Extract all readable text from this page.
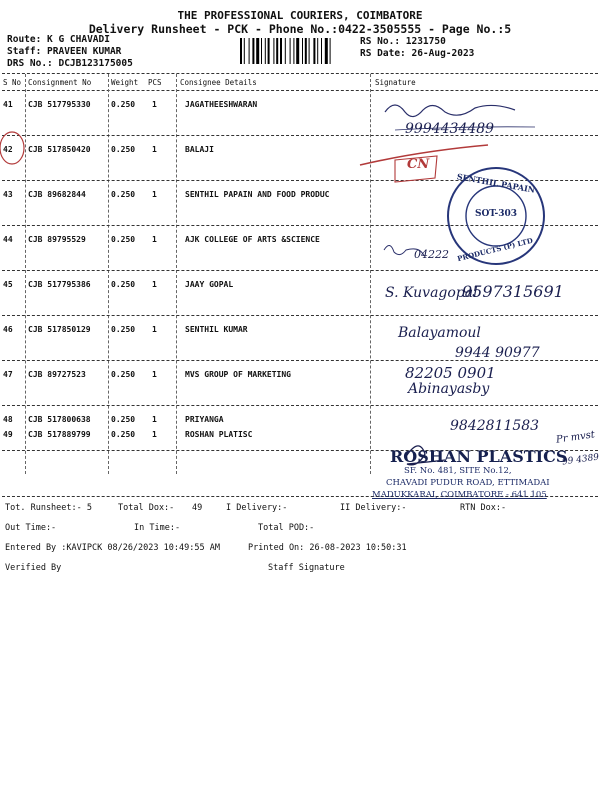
THE PROFESSIONAL COURIERS, COIMBATORE
Delivery Runsheet - PCK - Phone No.:0422-3505555 - Page No.:5
Route: K G CHAVADI
Staff: PRAVEEN KUMAR
DRS No.: DCJB123175005
RS No.: 1231750
RS Date: 26-Aug-2023
S No Consignment No	Weight PCS Consignee Details	Signature
41 CJB 517795330	0.250 1	JAGATHEESHWARAN
42 CJB 517850420	0.250 1	BALAJI
43 CJB 89682844	0.250 1	SENTHIL PAPAIN AND FOOD PRODUC
44 CJB 89795529	0.250 1	AJK COLLEGE OF ARTS &SCIENCE
45 CJB 517795386	0.250 1	JAAY GOPAL
46 CJB 517850129	0.250 1	SENTHIL KUMAR
47 CJB 89727523	0.250 1	MVS GROUP OF MARKETING
48 CJB 517800638	0.250 1	PRIYANGA
49 CJB 517889799	0.250 1	ROSHAN PLATISC
9994434489
CN
SENTHIL PAPAIN
SOT-303
PRODUCTS (P) LTD
04222
S. Kuvagopal
9597315691
Balayamoul
9944 90977
82205 0901
Abinayasby
9842811583
ROSHAN PLASTICS
SF. No. 481, SITE No.12,
CHAVADI PUDUR ROAD, ETTIMADAI
MADUKKARAI, COIMBATORE - 641 105
Pr mvst
99 4389
Tot. Runsheet:- 5	Total Dox:- 49	I Delivery:-	II Delivery:-	RTN Dox:-
Out Time:-	In Time:-	Total POD:-
Entered By :KAVIPCK 08/26/2023 10:49:55 AM	Printed On: 26-08-2023 10:50:31
Verified By	Staff Signature
